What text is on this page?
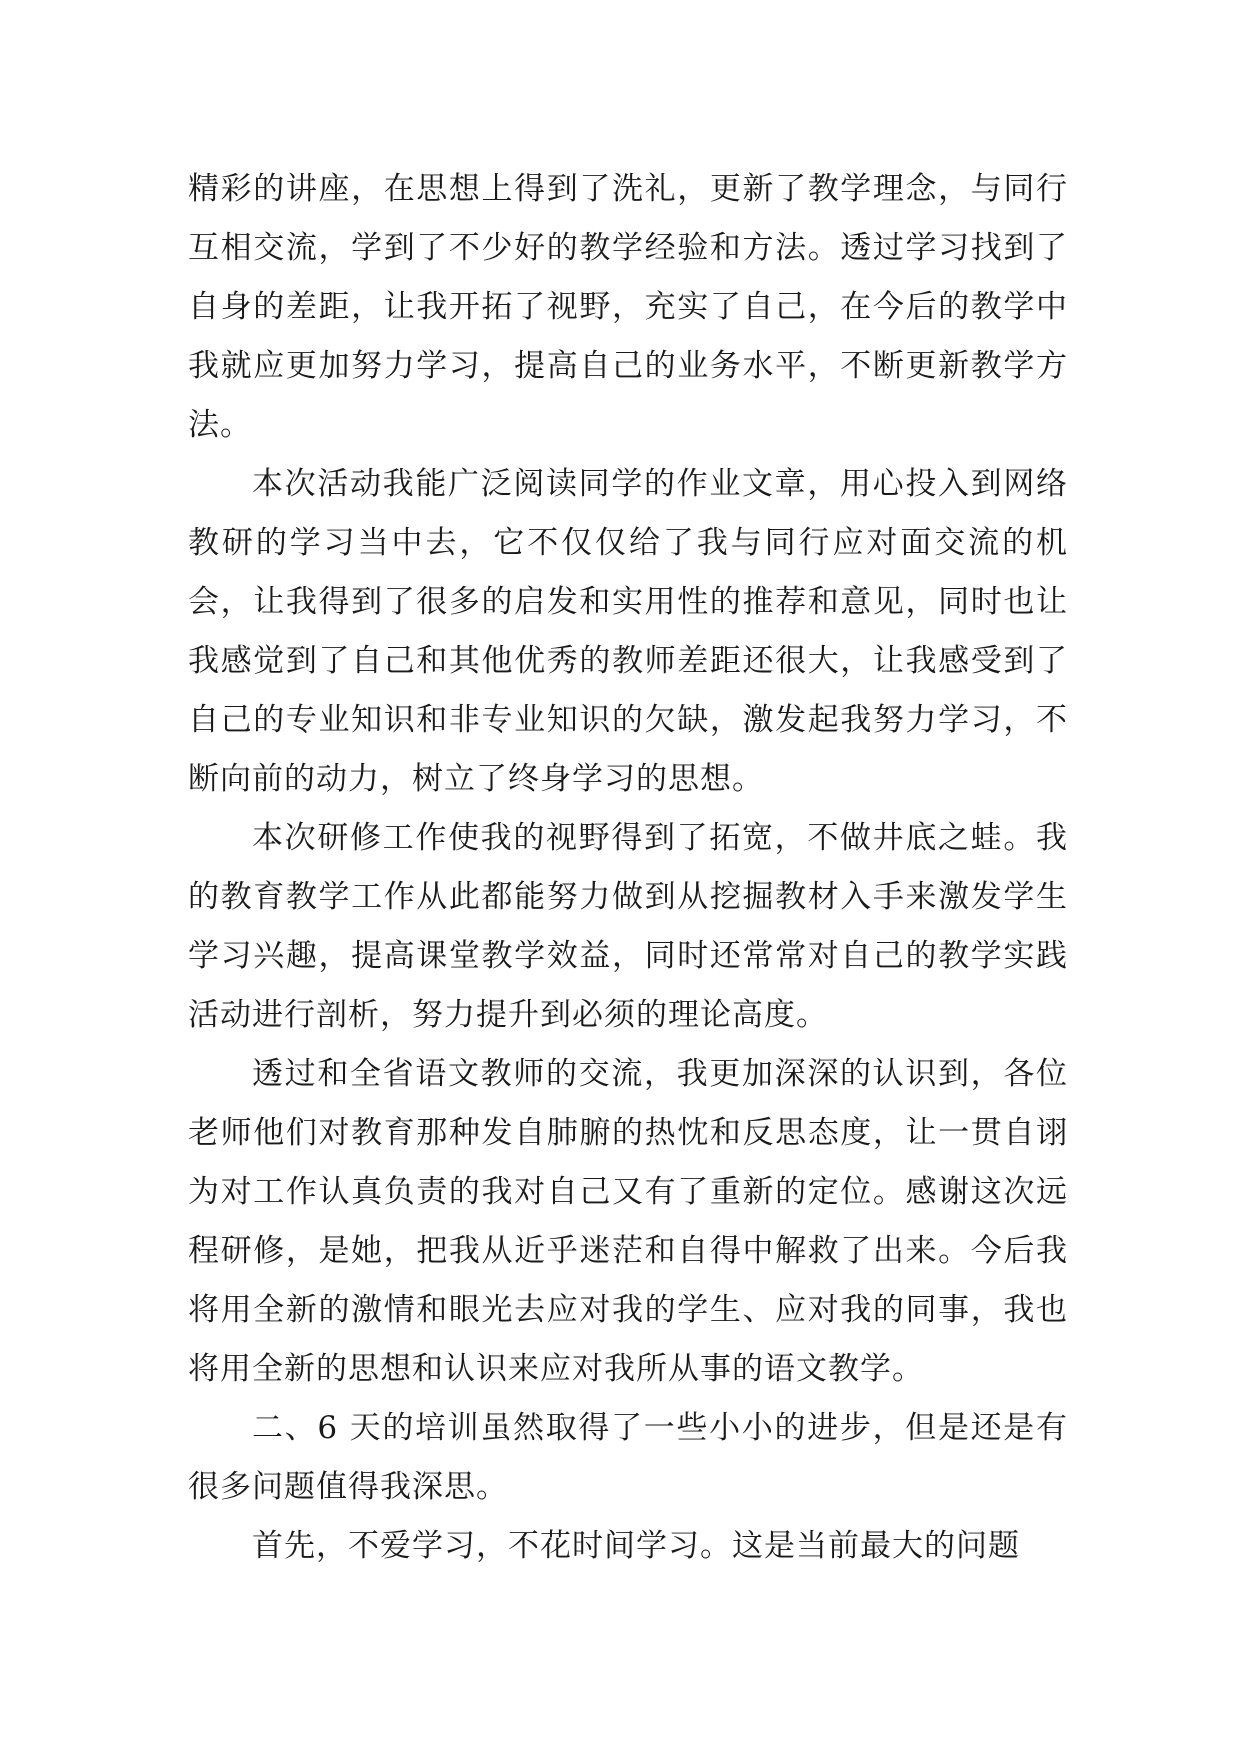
精彩的讲座，在思想上得到了洗礼，更新了教学理念，与同行互相交流，学到了不少好的教学经验和方法。透过学习找到了自身的差距，让我开拓了视野，充实了自己，在今后的教学中我就应更加努力学习，提高自己的业务水平，不断更新教学方法。

本次活动我能广泛阅读同学的作业文章，用心投入到网络教研的学习当中去，它不仅仅给了我与同行应对面交流的机会，让我得到了很多的启发和实用性的推荐和意见，同时也让我感觉到了自己和其他优秀的教师差距还很大，让我感受到了自己的专业知识和非专业知识的欠缺，激发起我努力学习，不断向前的动力，树立了终身学习的思想。

本次研修工作使我的视野得到了拓宽，不做井底之蛙。我的教育教学工作从此都能努力做到从挖掘教材入手来激发学生学习兴趣，提高课堂教学效益，同时还常常对自己的教学实践活动进行剖析，努力提升到必须的理论高度。

透过和全省语文教师的交流，我更加深深的认识到，各位老师他们对教育那种发自肺腑的热忱和反思态度，让一贯自诩为对工作认真负责的我对自己又有了重新的定位。感谢这次远程研修，是她，把我从近乎迷茫和自得中解救了出来。今后我将用全新的激情和眼光去应对我的学生、应对我的同事，我也将用全新的思想和认识来应对我所从事的语文教学。

二、6 天的培训虽然取得了一些小小的进步，但是还是有很多问题值得我深思。

首先，不爱学习，不花时间学习。这是当前最大的问题
